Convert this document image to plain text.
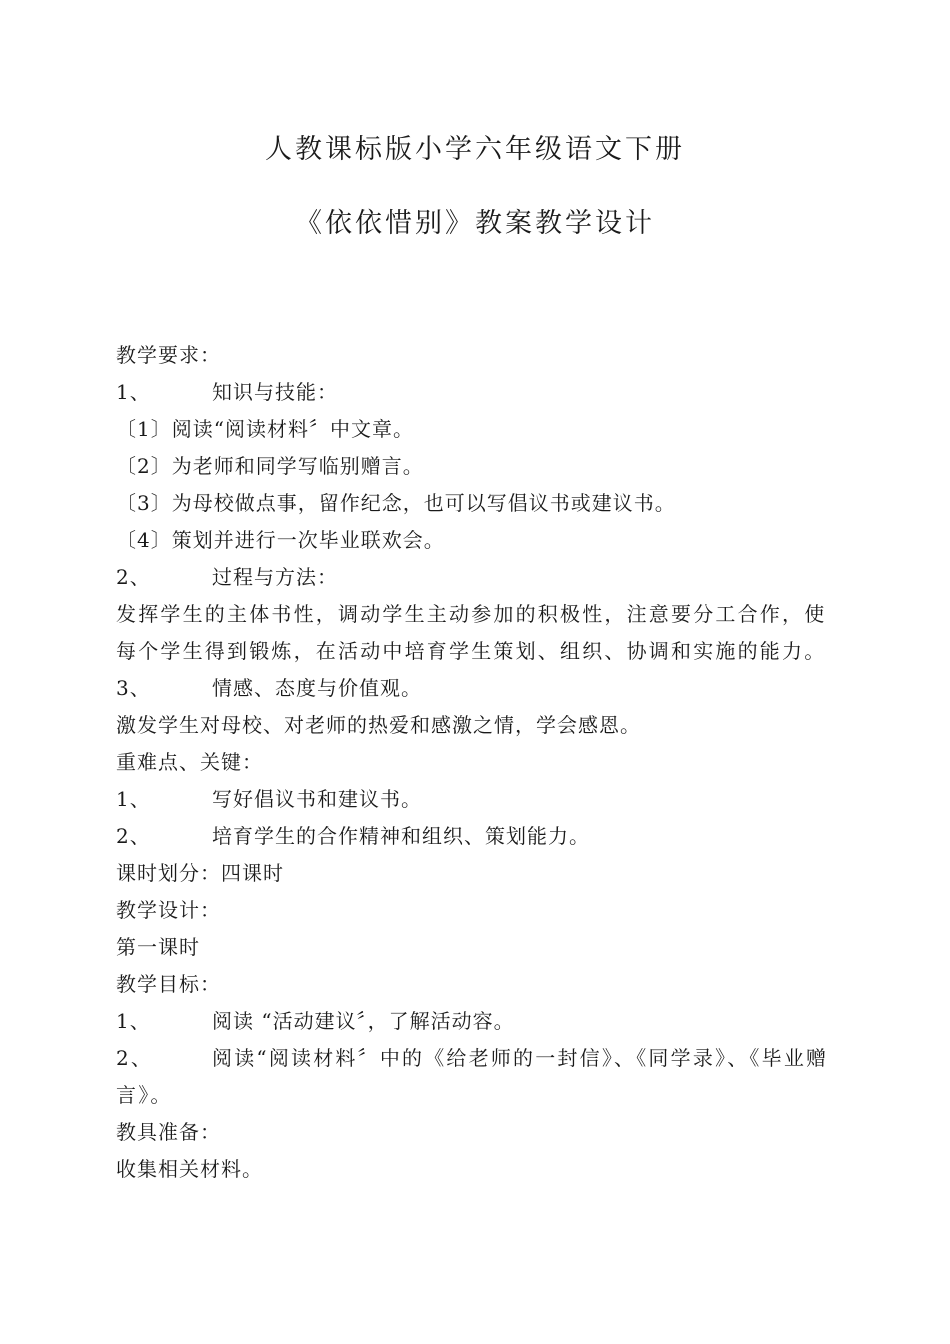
人教课标版小学六年级语文下册
《依依惜别》教案教学设计
教学要求：
1、	知识与技能：
〔1〕阅读“阅读材料〞中文章。
〔2〕为老师和同学写临别赠言。
〔3〕为母校做点事，留作纪念，也可以写倡议书或建议书。
〔4〕策划并进行一次毕业联欢会。
2、	过程与方法：
发挥学生的主体书性，调动学生主动参加的积极性，注意要分工合作，使每个学生得到锻炼，在活动中培育学生策划、组织、协调和实施的能力。
3、	情感、态度与价值观。
激发学生对母校、对老师的热爱和感激之情，学会感恩。
重难点、关键：
1、	写好倡议书和建议书。
2、	培育学生的合作精神和组织、策划能力。
课时划分：四课时
教学设计：
第一课时
教学目标：
1、	阅读 “活动建议〞，了解活动容。
2、	阅读“阅读材料〞中的《给老师的一封信》、《同学录》、《毕业赠言》。
教具准备：
收集相关材料。
